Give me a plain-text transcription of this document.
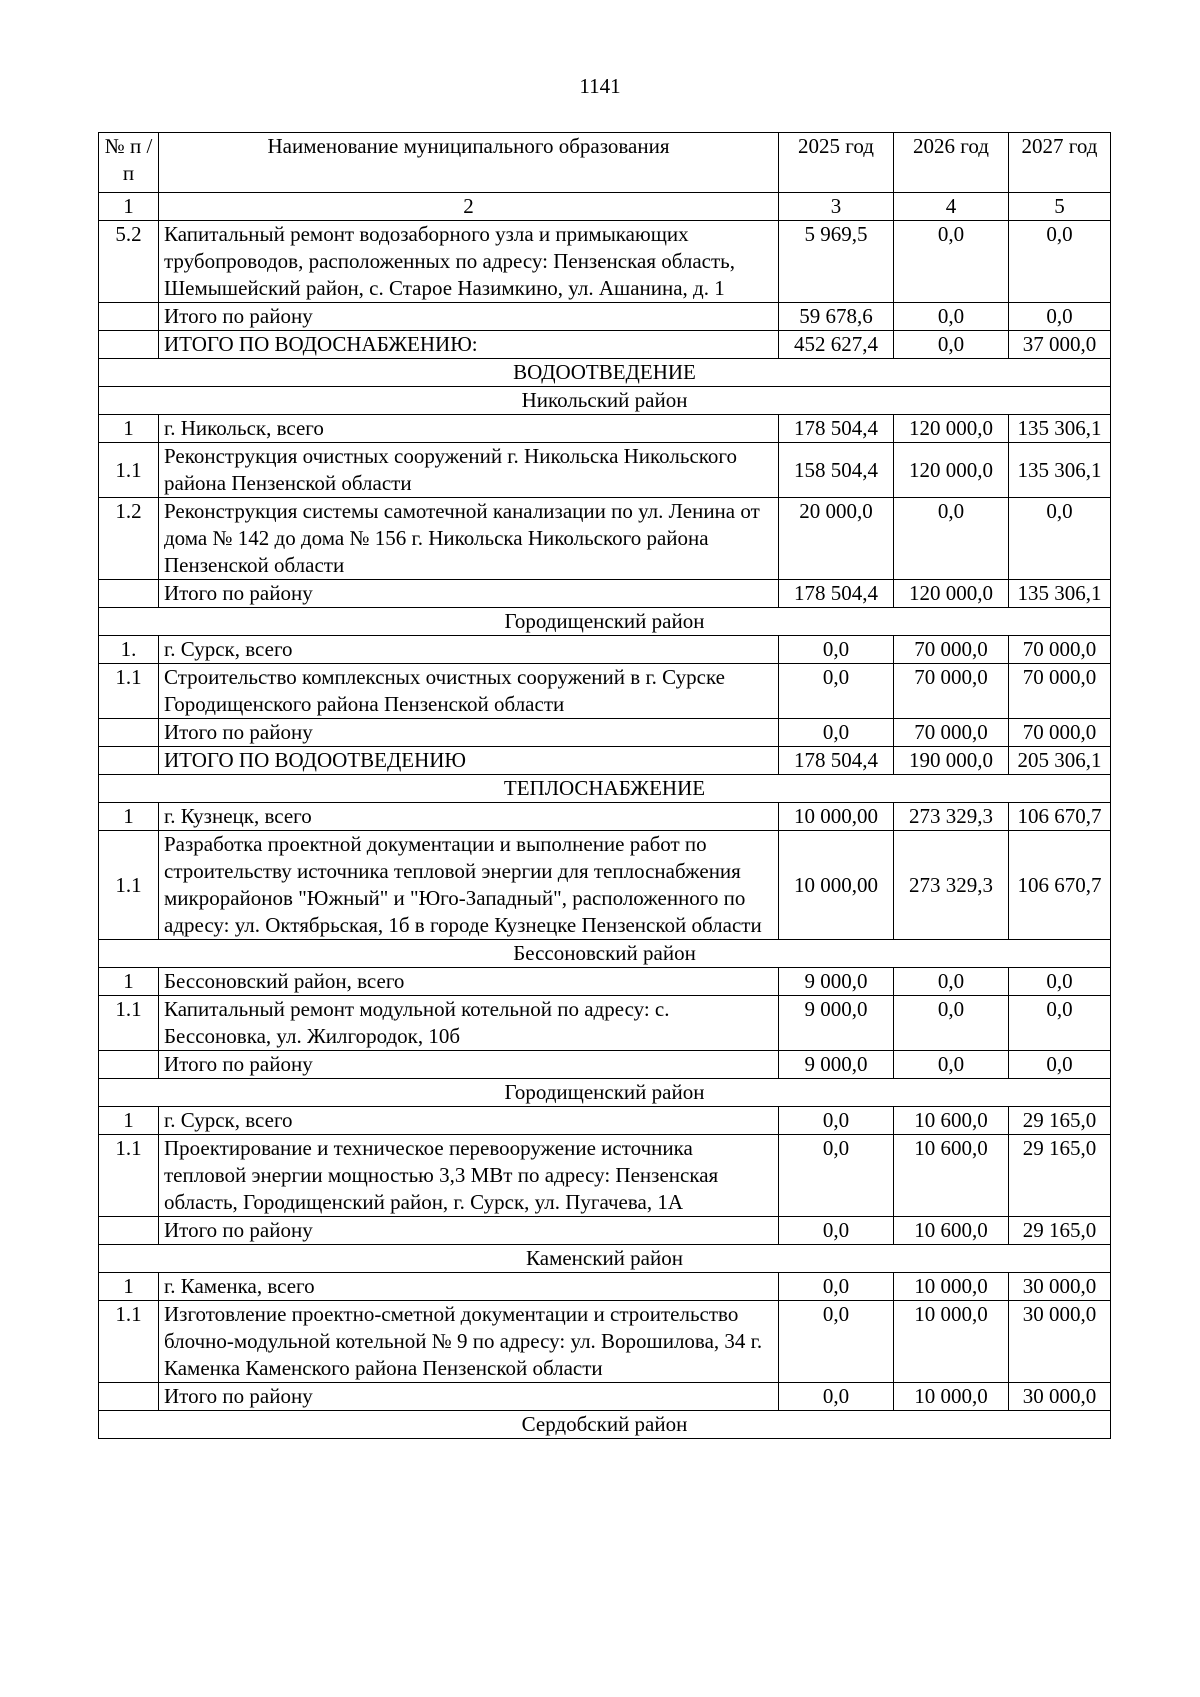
1141
№ п /п	Наименование муниципального образования	2025 год	2026 год	2027 год
1	2	3	4	5
5.2	Капитальный ремонт водозаборного узла и примыкающих трубопроводов, расположенных по адресу: Пензенская область, Шемышейский район, с. Старое Назимкино, ул. Ашанина, д. 1	5 969,5	0,0	0,0
	Итого по району	59 678,6	0,0	0,0
	ИТОГО ПО ВОДОСНАБЖЕНИЮ:	452 627,4	0,0	37 000,0
ВОДООТВЕДЕНИЕ				
Никольский район				
1	г. Никольск, всего	178 504,4	120 000,0	135 306,1
1.1	Реконструкция очистных сооружений г. Никольска Никольского района Пензенской области	158 504,4	120 000,0	135 306,1
1.2	Реконструкция системы самотечной канализации по ул. Ленина от дома № 142 до дома № 156 г. Никольска Никольского района Пензенской области	20 000,0	0,0	0,0
	Итого по району	178 504,4	120 000,0	135 306,1
Городищенский район				
1.	г. Сурск, всего	0,0	70 000,0	70 000,0
1.1	Строительство комплексных очистных сооружений в г. Сурске Городищенского района Пензенской области	0,0	70 000,0	70 000,0
	Итого по району	0,0	70 000,0	70 000,0
	ИТОГО ПО ВОДООТВЕДЕНИЮ	178 504,4	190 000,0	205 306,1
ТЕПЛОСНАБЖЕНИЕ				
1	г. Кузнецк, всего	10 000,00	273 329,3	106 670,7
1.1	Разработка проектной документации и выполнение работ по строительству источника тепловой энергии для теплоснабжения микрорайонов "Южный" и "Юго-Западный", расположенного по адресу: ул. Октябрьская, 1б в городе Кузнецке Пензенской области	10 000,00	273 329,3	106 670,7
Бессоновский район				
1	Бессоновский район, всего	9 000,0	0,0	0,0
1.1	Капитальный ремонт модульной котельной по адресу: с. Бессоновка, ул. Жилгородок, 10б	9 000,0	0,0	0,0
	Итого по району	9 000,0	0,0	0,0
Городищенский район				
1	г. Сурск, всего	0,0	10 600,0	29 165,0
1.1	Проектирование и техническое перевооружение источника тепловой энергии мощностью 3,3 МВт по адресу: Пензенская область, Городищенский район, г. Сурск, ул. Пугачева, 1А	0,0	10 600,0	29 165,0
	Итого по району	0,0	10 600,0	29 165,0
Каменский район				
1	г. Каменка, всего	0,0	10 000,0	30 000,0
1.1	Изготовление проектно-сметной документации и строительство блочно-модульной котельной № 9 по адресу: ул. Ворошилова, 34 г. Каменка Каменского района Пензенской области	0,0	10 000,0	30 000,0
	Итого по району	0,0	10 000,0	30 000,0
Сердобский район				
